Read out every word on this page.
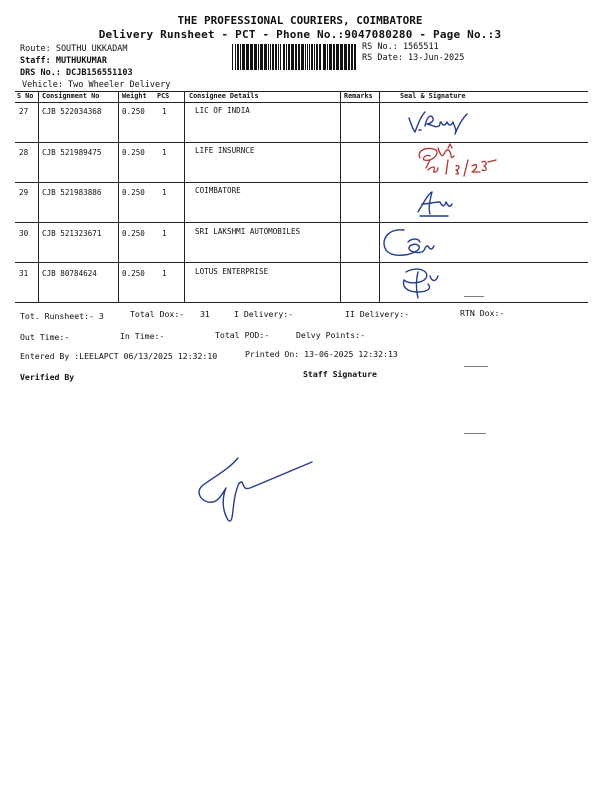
THE PROFESSIONAL COURIERS, COIMBATORE
Delivery Runsheet - PCT - Phone No.:9047080280 - Page No.:3
Route: SOUTHU UKKADAM
Staff: MUTHUKUMAR
DRS No.: DCJB156551103
Vehicle: Two Wheeler Delivery
RS No.: 1565511
RS Date: 13-Jun-2025
S No Consignment No	Weight PCS	Consignee Details	Remarks	Seal & Signature
27 CJB 522034368	0.250 1	LIC OF INDIA
28 CJB 521989475	0.250 1	LIFE INSURNCE
29 CJB 521983886	0.250 1	COIMBATORE
30 CJB 521323671	0.250 1	SRI LAKSHMI AUTOMOBILES
31 CJB 80784624	0.250 1	LOTUS ENTERPRISE
Tot. Runsheet:- 3	Total Dox:- 31	I Delivery:-	II Delivery:-	RTN Dox:-
Out Time:-	In Time:-	Total POD:-	Delvy Points:-
Entered By :LEELAPCT 06/13/2025 12:32:10	Printed On: 13-06-2025 12:32:13
Verified By	Staff Signature
